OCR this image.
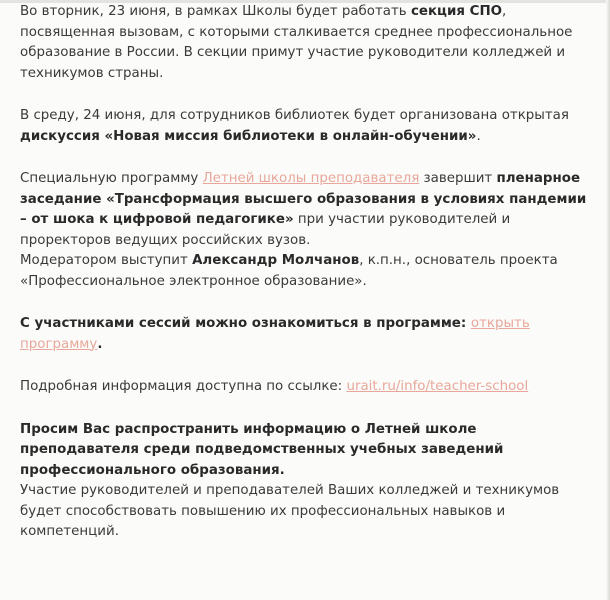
Во вторник, 23 июня, в рамках Школы будет работать секция СПО, посвященная вызовам, с которыми сталкивается среднее профессиональное образование в России. В секции примут участие руководители колледжей и техникумов страны.

В среду, 24 июня, для сотрудников библиотек будет организована открытая дискуссия «Новая миссия библиотеки в онлайн-обучении».

Специальную программу Летней школы преподавателя завершит пленарное заседание «Трансформация высшего образования в условиях пандемии – от шока к цифровой педагогике» при участии руководителей и проректоров ведущих российских вузов.
Модератором выступит Александр Молчанов, к.п.н., основатель проекта «Профессиональное электронное образование».

С участниками сессий можно ознакомиться в программе: открыть программу.

Подробная информация доступна по ссылке: urait.ru/info/teacher-school

Просим Вас распространить информацию о Летней школе преподавателя среди подведомственных учебных заведений профессионального образования.
Участие руководителей и преподавателей Ваших колледжей и техникумов будет способствовать повышению их профессиональных навыков и компетенций.
